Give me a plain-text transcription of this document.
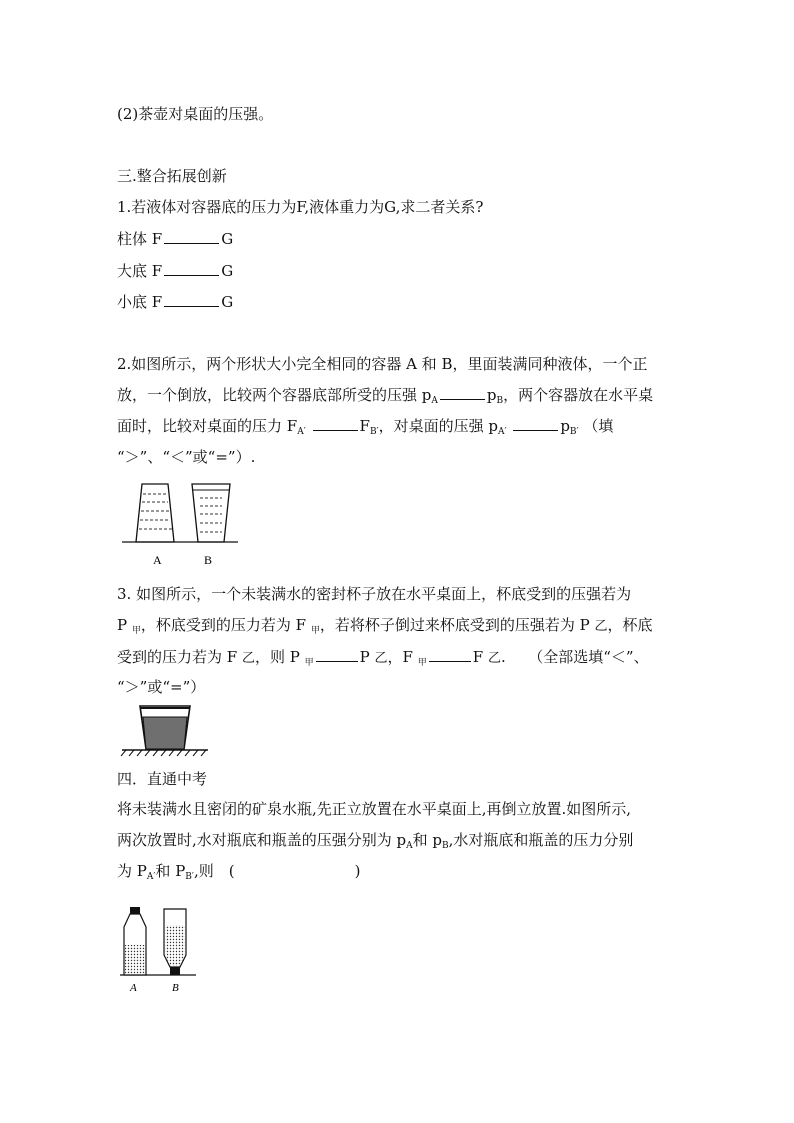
(2)茶壶对桌面的压强。
三.整合拓展创新
1.若液体对容器底的压力为F,液体重力为G,求二者关系?
柱体 F	G
大底 F	G
小底 F	G
2.如图所示，两个形状大小完全相同的容器 A 和 B，里面装满同种液体，一个正
放，一个倒放，比较两个容器底部所受的压强 $p_A$	$p_B$，两个容器放在水平桌
面时，比较对桌面的压力 $F_{A'}$	$F_{B'}$，对桌面的压强 $p_{A'}$	$p_{B'}$ （填
“＞”、“＜”或“=”）.
A	B
3. 如图所示，一个未装满水的密封杯子放在水平桌面上，杯底受到的压强若为
P $_甲$，杯底受到的压力若为 F $_甲$，若将杯子倒过来杯底受到的压强若为 P 乙，杯底
受到的压力若为 F 乙，则 P $_甲$	P 乙，F $_甲$	F 乙.　　（全部选填“＜”、
“＞”或“=”）
四．直通中考
将未装满水且密闭的矿泉水瓶,先正立放置在水平桌面上,再倒立放置.如图所示,
两次放置时,水对瓶底和瓶盖的压强分别为 $p_A$和 $p_B$,水对瓶底和瓶盖的压力分别
为 $P_{A'}$和 $P_{B'}$,则　(	)
A	B
